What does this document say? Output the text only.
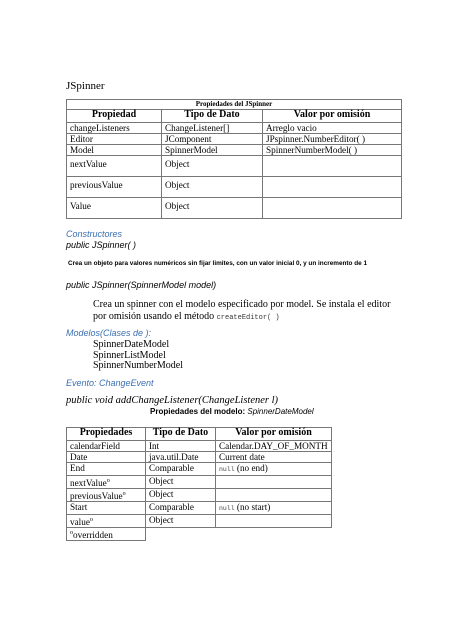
JSpinner
Propiedades del JSpinner		
Propiedad	Tipo de Dato	Valor por omisión
changeListeners	ChangeListener[]	Arreglo vacio
Editor	JComponent	JPspinner.NumberEditor( )
Model	SpinnerModel	SpinnerNumberModel( )
nextValue	Object	
previousValue	Object	
Value	Object	
Constructores
public JSpinner( )
Crea un objeto para valores numéricos sin fijar limites, con un valor inicial 0, y un incremento de 1
public JSpinner(SpinnerModel model)
Crea un spinner con el modelo especificado por model. Se instala el editor por omisión usando el método createEditor( )
Modelos(Clases de ):
SpinnerDateModel
SpinnerListModel
SpinnerNumberModel
Evento: ChangeEvent
public void addChangeListener(ChangeListener l)
Propiedades del modelo: SpinnerDateModel
Propiedades	Tipo de Dato	Valor por omisión
calendarField	Int	Calendar.DAY_OF_MONTH
Date	java.util.Date	Current date
End	Comparable	null (no end)
nextValue$^o$	Object	
previousValue$^o$	Object	
Start	Comparable	null (no start)
value$^o$	Object	
$^o$overridden		
